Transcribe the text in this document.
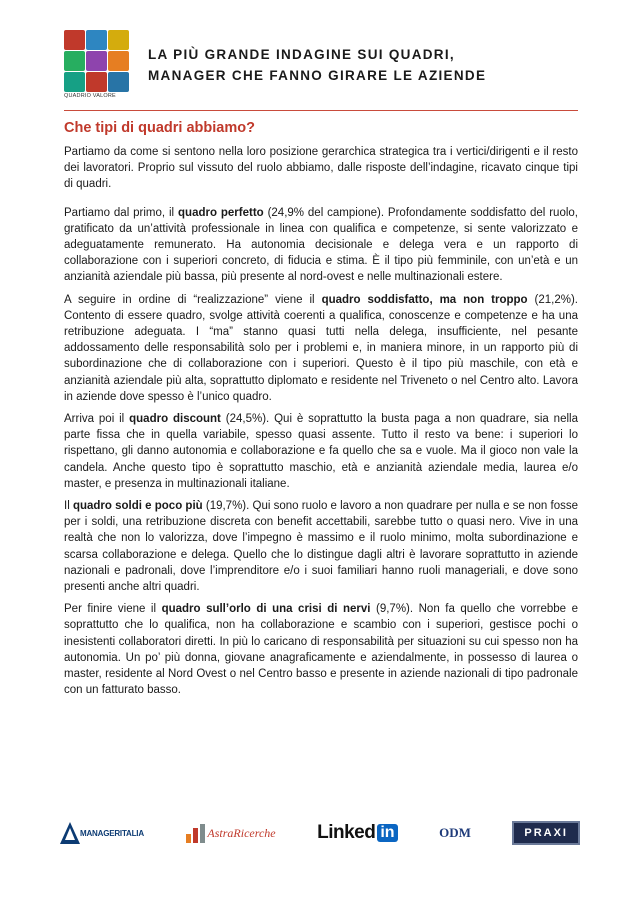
QUADRIO VALORE
LA PIÙ GRANDE INDAGINE SUI QUADRI,
MANAGER CHE FANNO GIRARE LE AZIENDE
Che tipi di quadri abbiamo?

Partiamo da come si sentono nella loro posizione gerarchica strategica tra i vertici/dirigenti e il resto dei lavoratori. Proprio sul vissuto del ruolo abbiamo, dalle risposte dell’indagine, ricavato cinque tipi di quadri.

Partiamo dal primo, il quadro perfetto (24,9% del campione). Profondamente soddisfatto del ruolo, gratificato da un’attività professionale in linea con qualifica e competenze, si sente valorizzato e adeguatamente remunerato. Ha autonomia decisionale e delega vera e un rapporto di collaborazione con i superiori concreto, di fiducia e stima. È il tipo più femminile, con un’età e un anzianità aziendale più bassa, più presente al nord-ovest e nelle multinazionali estere.

A seguire in ordine di “realizzazione” viene il quadro soddisfatto, ma non troppo (21,2%). Contento di essere quadro, svolge attività coerenti a qualifica, conoscenze e competenze e ha una retribuzione adeguata. I “ma” stanno quasi tutti nella delega, insufficiente, nel pesante addossamento delle responsabilità solo per i problemi e, in maniera minore, in un rapporto più di subordinazione che di collaborazione con i superiori. Questo è il tipo più maschile, con età e anzianità aziendale più alta, soprattutto diplomato e residente nel Triveneto o nel Centro alto. Lavora in aziende dove spesso è l’unico quadro.

Arriva poi il quadro discount (24,5%). Qui è soprattutto la busta paga a non quadrare, sia nella parte fissa che in quella variabile, spesso quasi assente. Tutto il resto va bene: i superiori lo rispettano, gli danno autonomia e collaborazione e fa quello che sa e vuole. Ma il gioco non vale la candela. Anche questo tipo è soprattutto maschio, età e anzianità aziendale media, laurea e/o master, e presenza in multinazionali italiane.

Il quadro soldi e poco più (19,7%). Qui sono ruolo e lavoro a non quadrare per nulla e se non fosse per i soldi, una retribuzione discreta con benefit accettabili, sarebbe tutto o quasi nero. Vive in una realtà che non lo valorizza, dove l’impegno è massimo e il ruolo minimo, molta subordinazione e scarsa collaborazione e delega. Quello che lo distingue dagli altri è lavorare soprattutto in aziende nazionali e padronali, dove l’imprenditore e/o i suoi familiari hanno ruoli manageriali, e dove sono presenti anche altri quadri.

Per finire viene il quadro sull’orlo di una crisi di nervi (9,7%). Non fa quello che vorrebbe e soprattutto che lo qualifica, non ha collaborazione e scambio con i superiori, gestisce pochi o inesistenti collaboratori diretti. In più lo caricano di responsabilità per situazioni su cui spesso non ha autonomia. Un po’ più donna, giovane anagraficamente e aziendalmente, in possesso di laurea o master, residente al Nord Ovest o nel Centro basso e presente in aziende nazionali di tipo padronale con un fatturato basso.

MANAGERITALIA	AstraRicerche Linked in	ODM	PRAXI
